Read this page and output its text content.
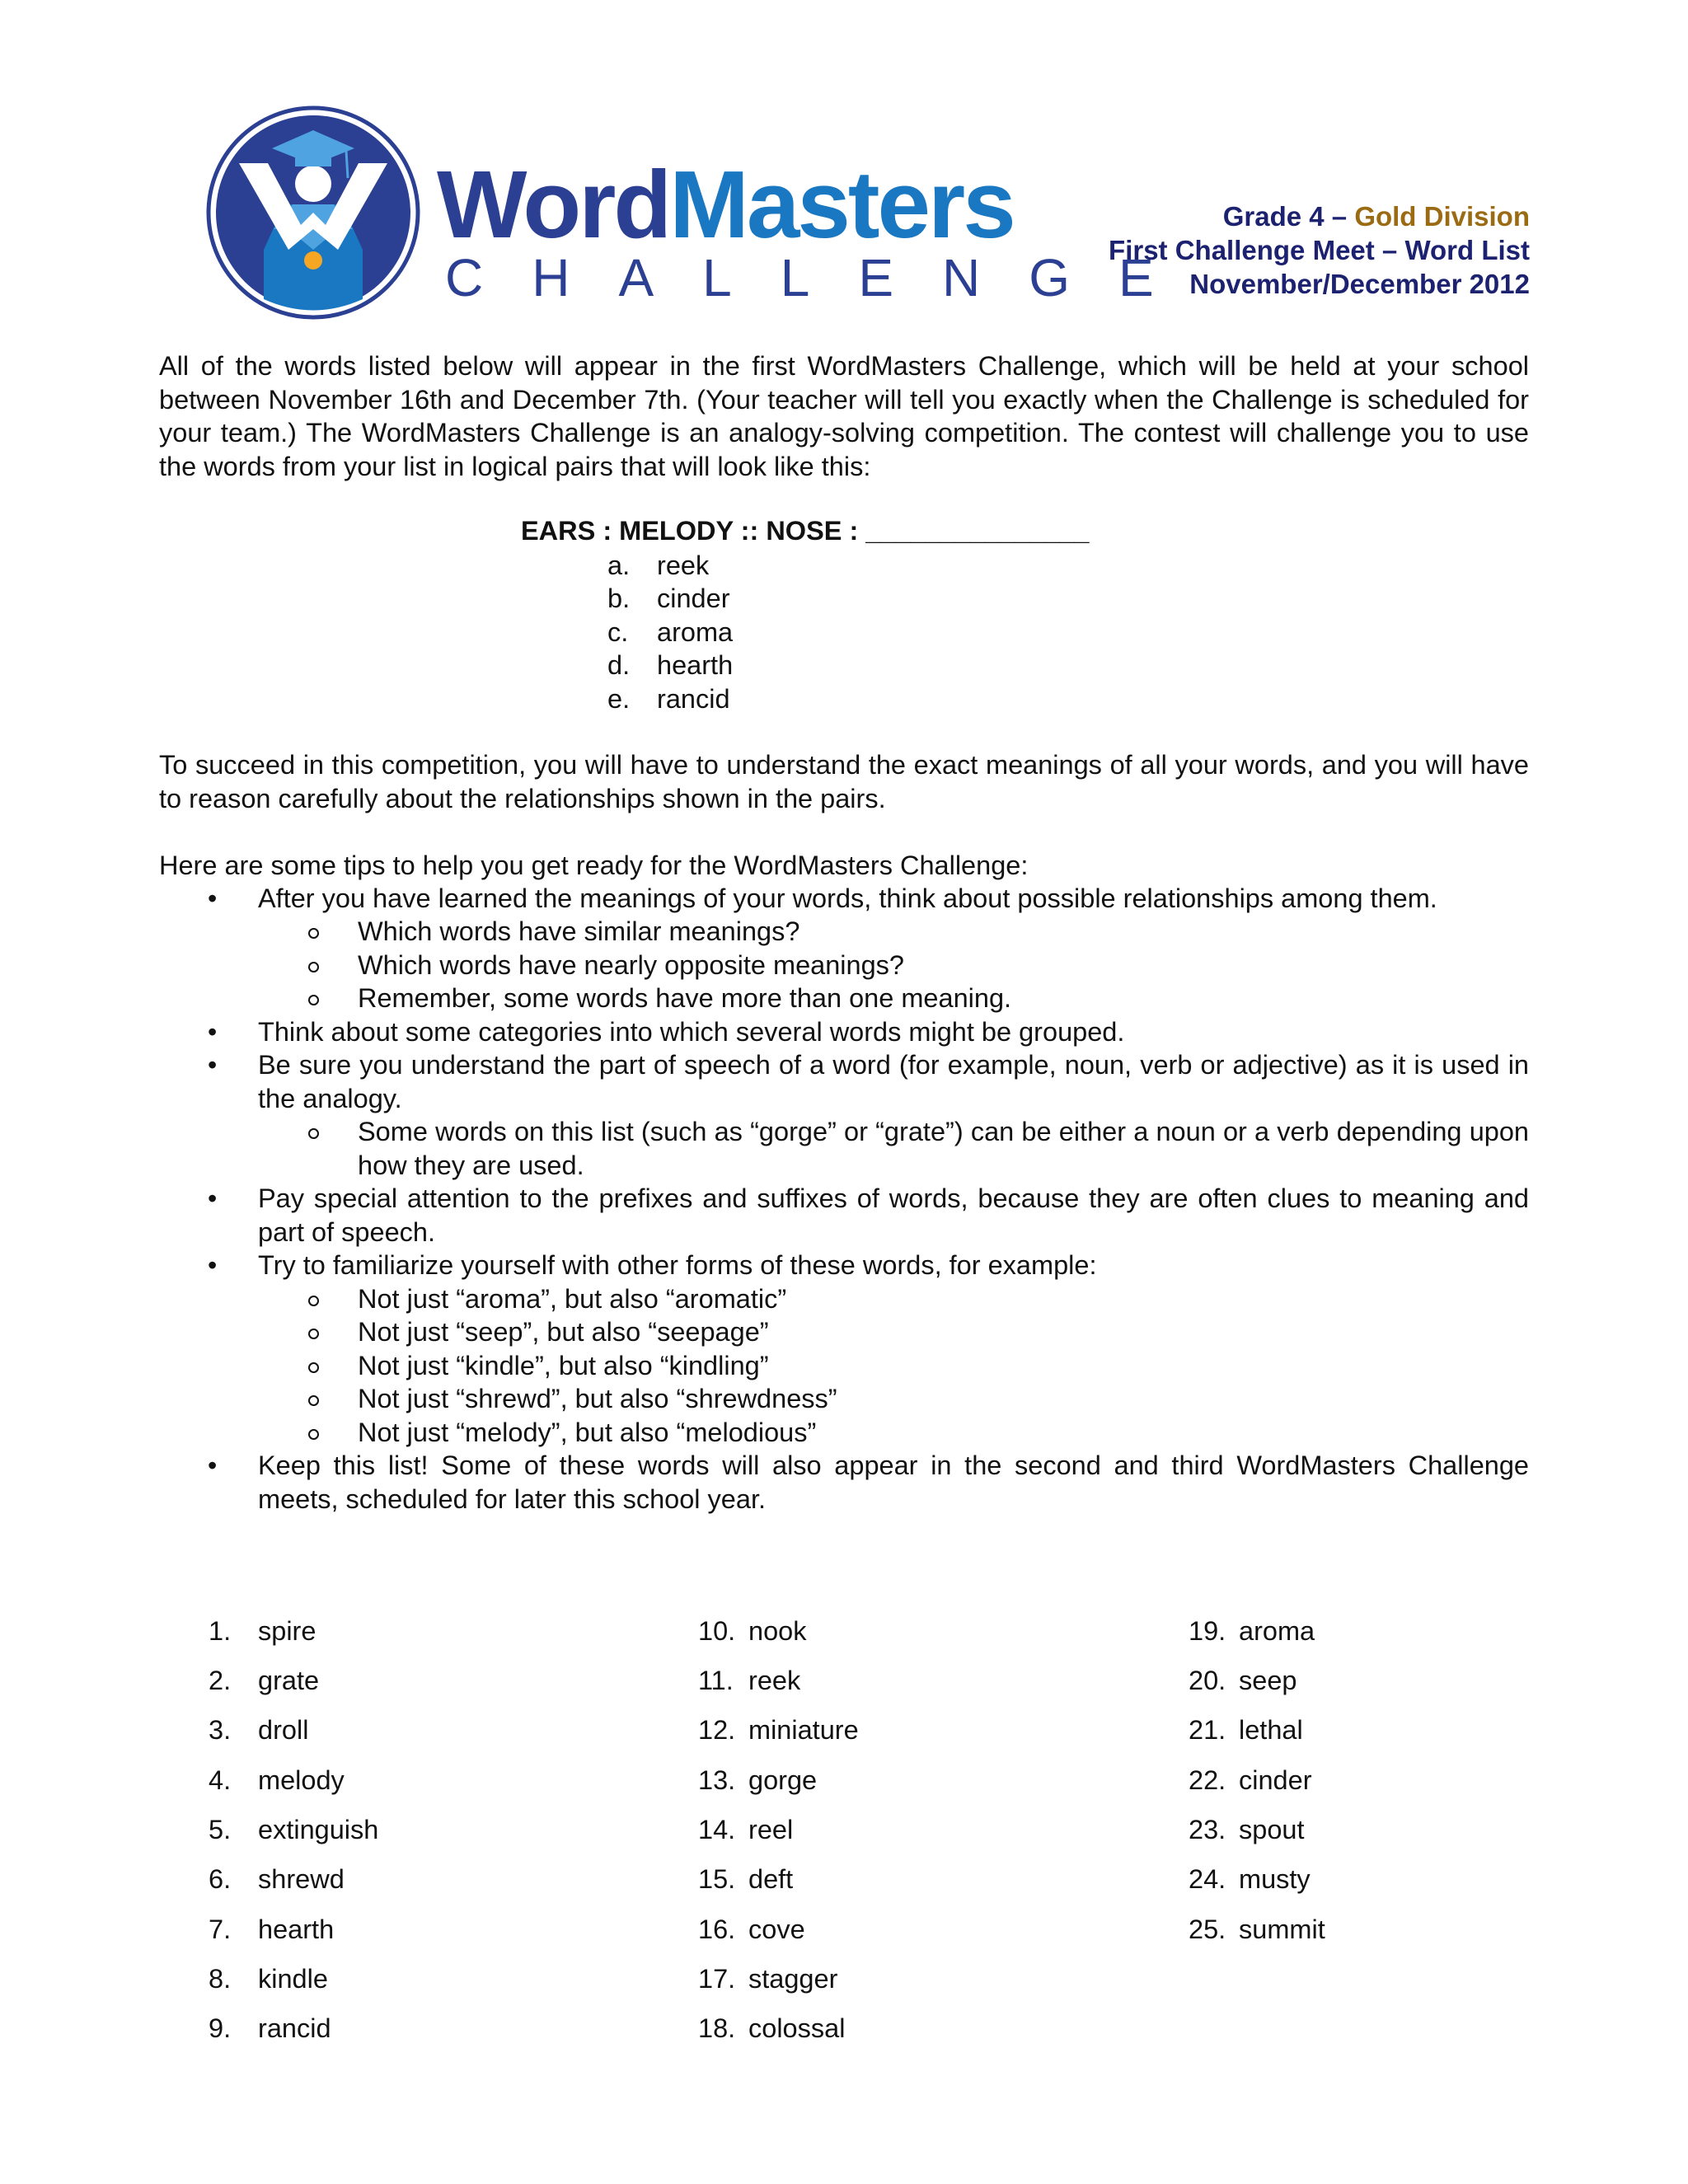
WordMasters
CHALLENGE
Grade 4 – Gold Division
First Challenge Meet – Word List
November/December 2012

All of the words listed below will appear in the first WordMasters Challenge, which will be held at your school between November 16th and December 7th. (Your teacher will tell you exactly when the Challenge is scheduled for your team.) The WordMasters Challenge is an analogy-solving competition. The contest will challenge you to use the words from your list in logical pairs that will look like this:

EARS : MELODY :: NOSE : _______________
a. reek
b. cinder
c. aroma
d. hearth
e. rancid

To succeed in this competition, you will have to understand the exact meanings of all your words, and you will have to reason carefully about the relationships shown in the pairs.

Here are some tips to help you get ready for the WordMasters Challenge:

• After you have learned the meanings of your words, think about possible relationships among them.

Which words have similar meanings?

Which words have nearly opposite meanings?

Remember, some words have more than one meaning.

• Think about some categories into which several words might be grouped.

• Be sure you understand the part of speech of a word (for example, noun, verb or adjective) as it is used in the analogy.

Some words on this list (such as “gorge” or “grate”) can be either a noun or a verb depending upon how they are used.

• Pay special attention to the prefixes and suffixes of words, because they are often clues to meaning and part of speech.

• Try to familiarize yourself with other forms of these words, for example:

Not just “aroma”, but also “aromatic”

Not just “seep”, but also “seepage”

Not just “kindle”, but also “kindling”

Not just “shrewd”, but also “shrewdness”

Not just “melody”, but also “melodious”

• Keep this list! Some of these words will also appear in the second and third WordMasters Challenge meets, scheduled for later this school year.

1. spire
2. grate
3. droll
4. melody
5. extinguish
6. shrewd
7. hearth
8. kindle
9. rancid
10. nook
11. reek
12. miniature
13. gorge
14. reel
15. deft
16. cove
17. stagger
18. colossal
19. aroma
20. seep
21. lethal
22. cinder
23. spout
24. musty
25. summit
